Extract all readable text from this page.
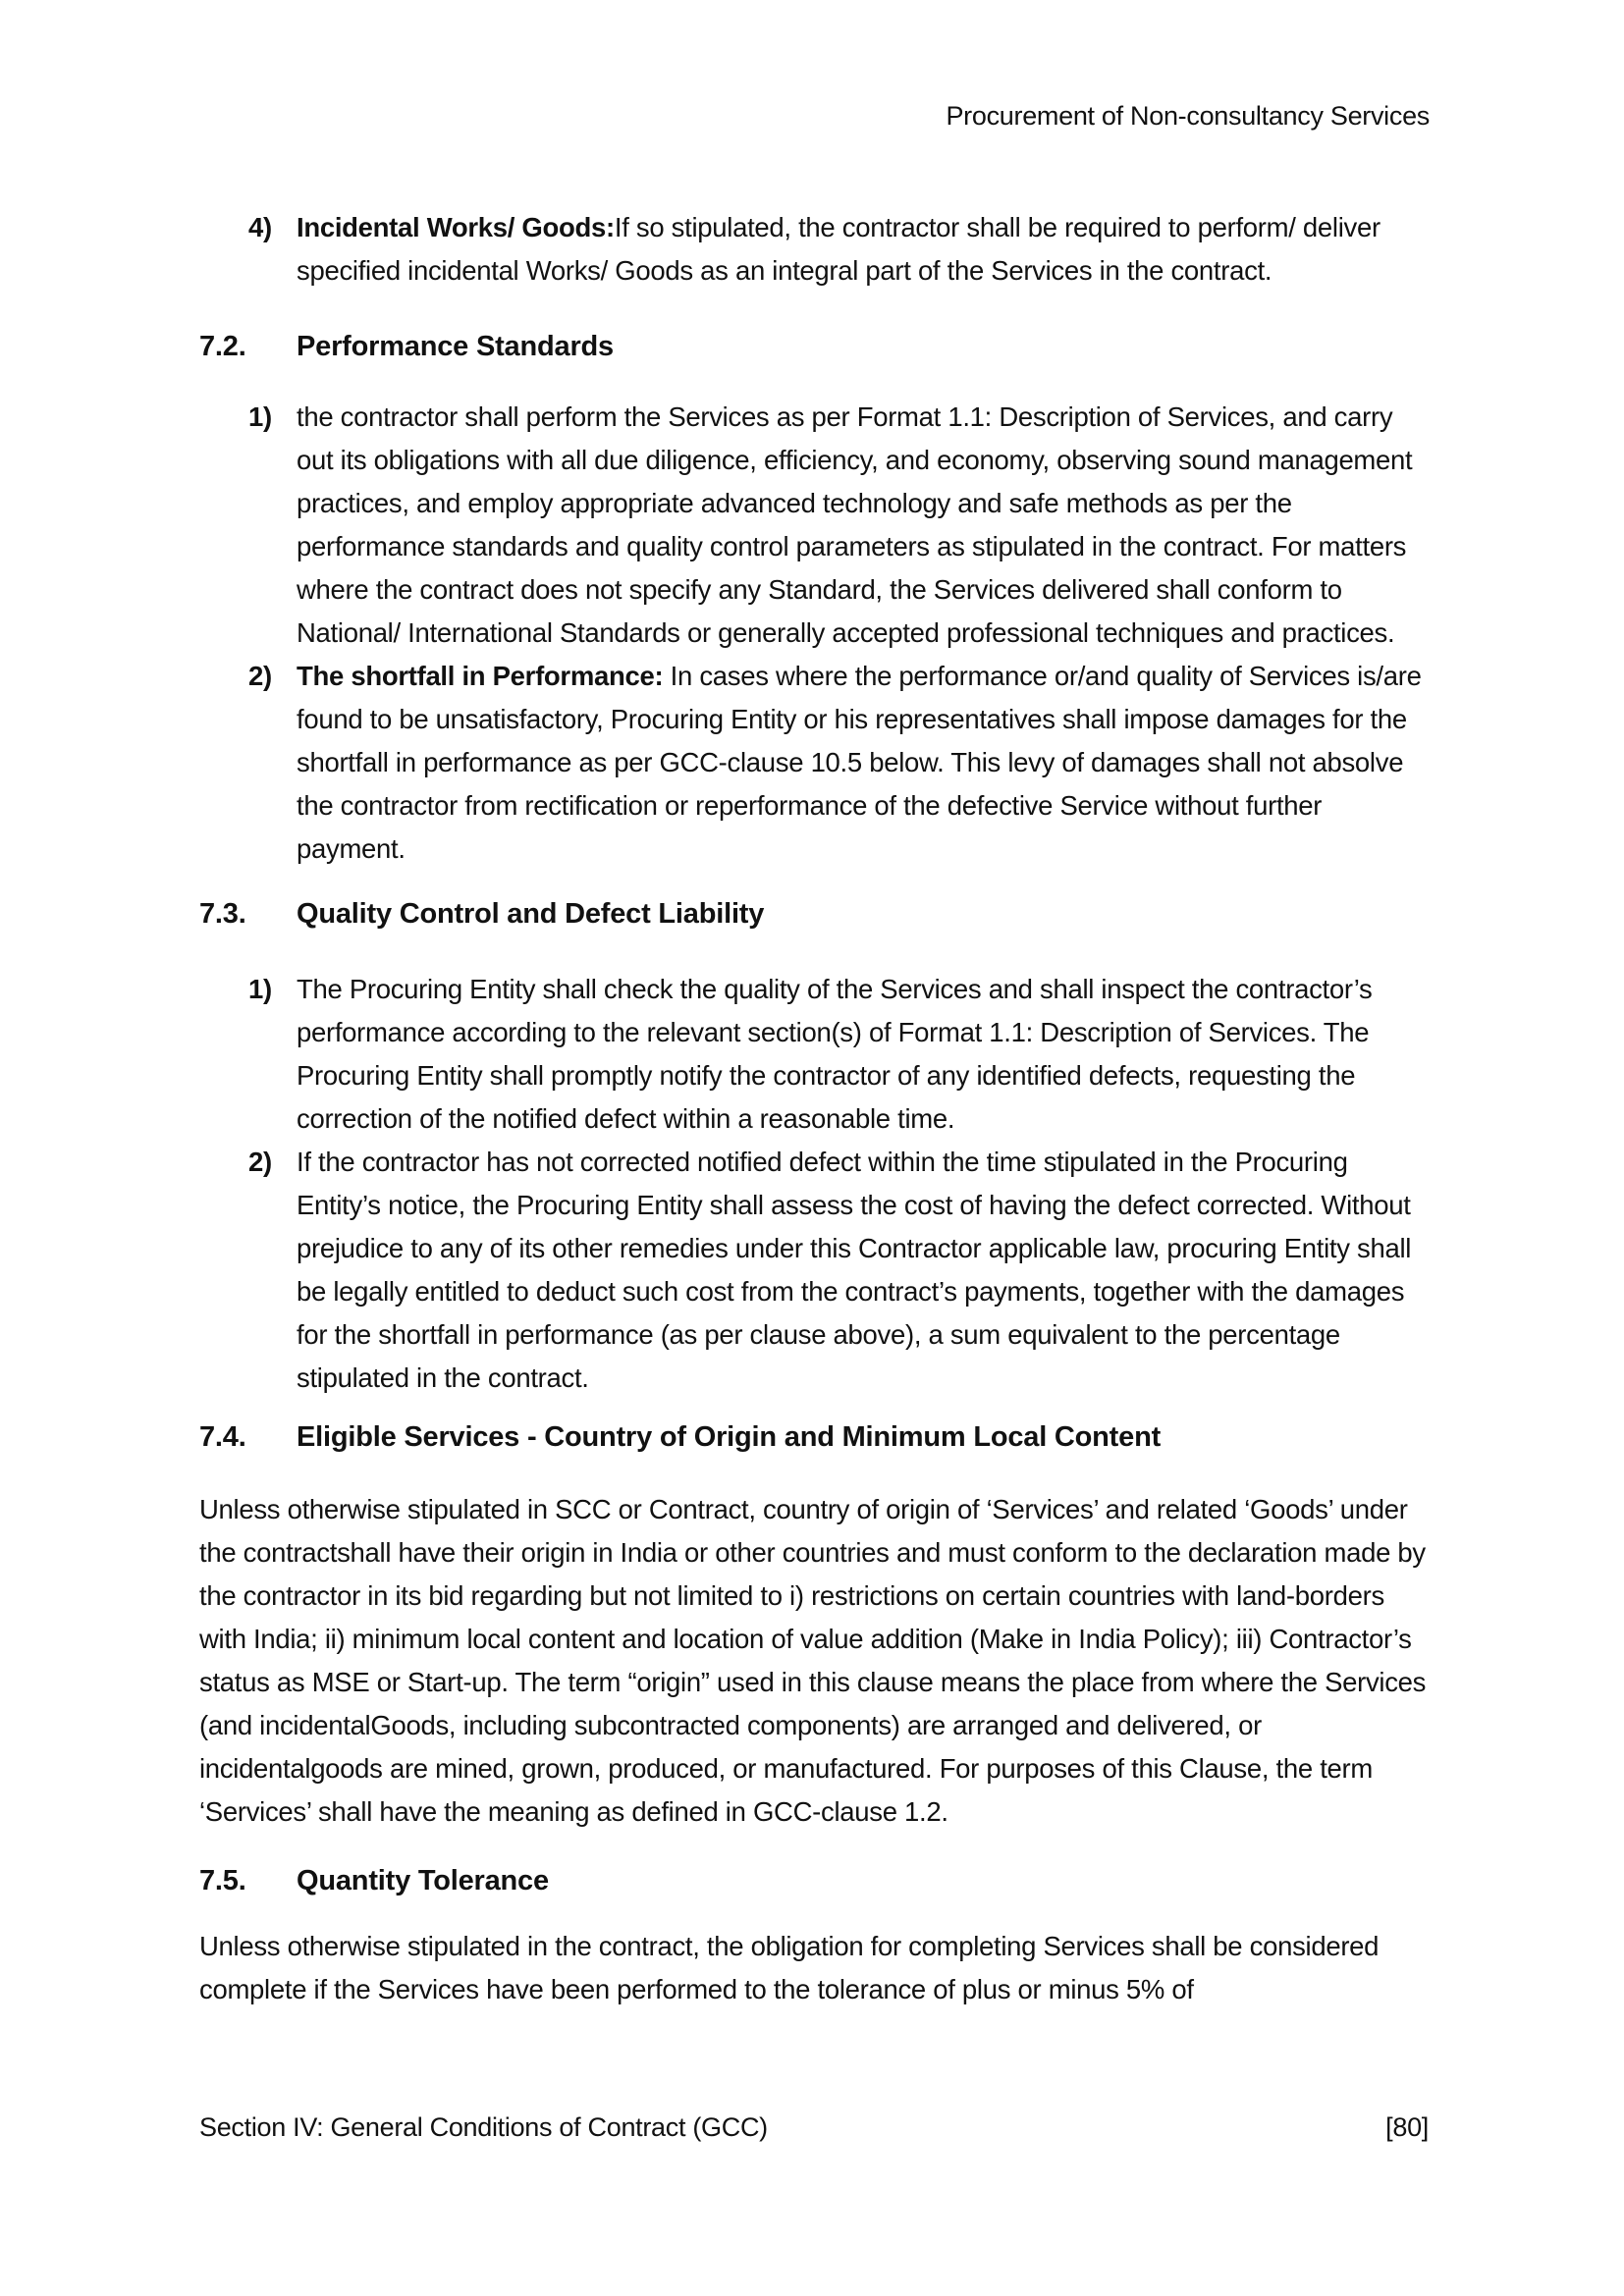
Procurement of Non-consultancy Services
4) Incidental Works/ Goods:If so stipulated, the contractor shall be required to perform/ deliver specified incidental Works/ Goods as an integral part of the Services in the contract.
7.2.	Performance Standards
1) the contractor shall perform the Services as per Format 1.1: Description of Services, and carry out its obligations with all due diligence, efficiency, and economy, observing sound management practices, and employ appropriate advanced technology and safe methods as per the performance standards and quality control parameters as stipulated in the contract. For matters where the contract does not specify any Standard, the Services delivered shall conform to National/ International Standards or generally accepted professional techniques and practices.
2) The shortfall in Performance: In cases where the performance or/and quality of Services is/are found to be unsatisfactory, Procuring Entity or his representatives shall impose damages for the shortfall in performance as per GCC-clause 10.5 below. This levy of damages shall not absolve the contractor from rectification or reperformance of the defective Service without further payment.
7.3.	Quality Control and Defect Liability
1) The Procuring Entity shall check the quality of the Services and shall inspect the contractor’s performance according to the relevant section(s) of Format 1.1: Description of Services. The Procuring Entity shall promptly notify the contractor of any identified defects, requesting the correction of the notified defect within a reasonable time.
2) If the contractor has not corrected notified defect within the time stipulated in the Procuring Entity’s notice, the Procuring Entity shall assess the cost of having the defect corrected. Without prejudice to any of its other remedies under this Contractor applicable law, procuring Entity shall be legally entitled to deduct such cost from the contract’s payments, together with the damages for the shortfall in performance (as per clause above), a sum equivalent to the percentage stipulated in the contract.
7.4.	Eligible Services - Country of Origin and Minimum Local Content
Unless otherwise stipulated in SCC or Contract, country of origin of ‘Services’ and related ‘Goods’ under the contractshall have their origin in India or other countries and must conform to the declaration made by the contractor in its bid regarding but not limited to i) restrictions on certain countries with land-borders with India; ii) minimum local content and location of value addition (Make in India Policy); iii) Contractor’s status as MSE or Start-up. The term “origin” used in this clause means the place from where the Services (and incidentalGoods, including subcontracted components) are arranged and delivered, or incidentalgoods are mined, grown, produced, or manufactured. For purposes of this Clause, the term ‘Services’ shall have the meaning as defined in GCC-clause 1.2.
7.5.	Quantity Tolerance
Unless otherwise stipulated in the contract, the obligation for completing Services shall be considered complete if the Services have been performed to the tolerance of plus or minus 5% of
Section IV: General Conditions of Contract (GCC)	[80]
